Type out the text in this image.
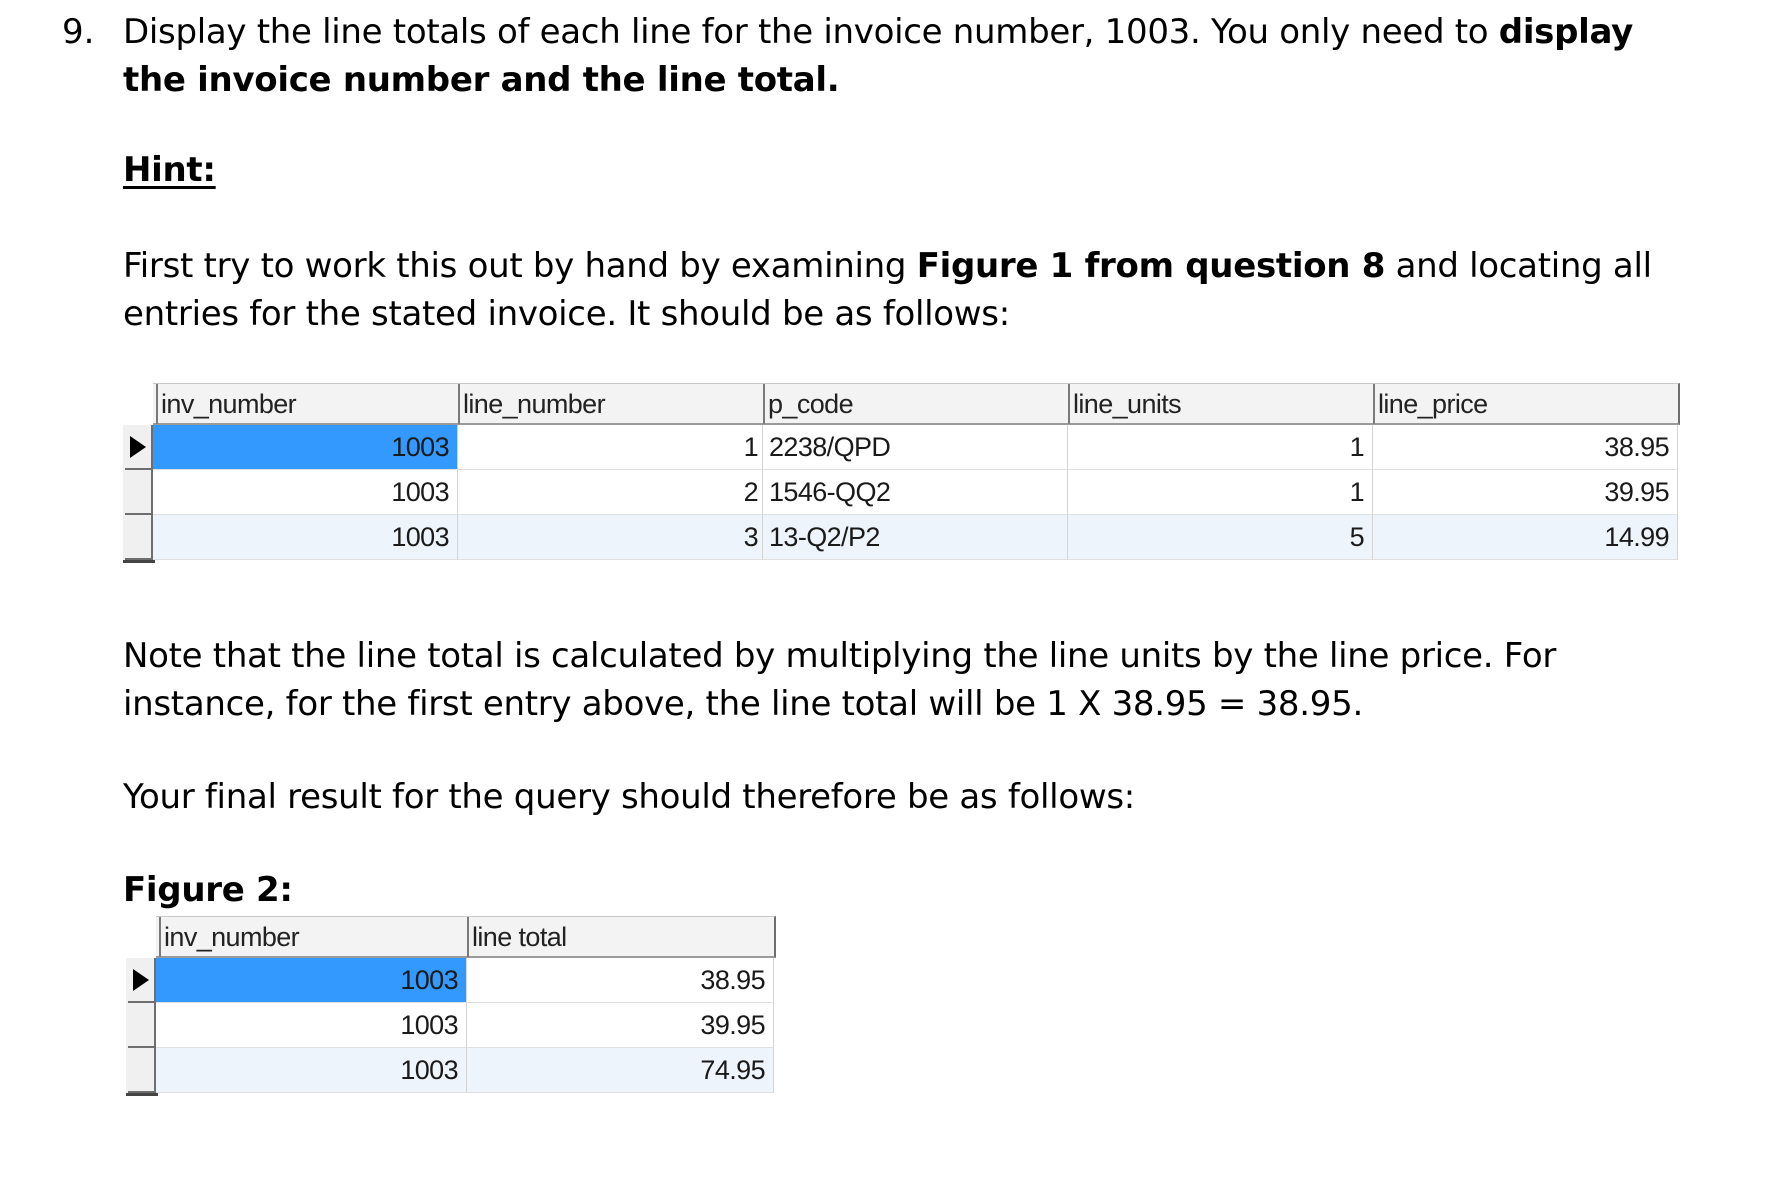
9. Display the line totals of each line for the invoice number, 1003. You only need to display the invoice number and the line total.
Hint:
First try to work this out by hand by examining Figure 1 from question 8 and locating all entries for the stated invoice. It should be as follows:
inv_number	line_number	p_code	line_units	line_price
1003	1 2238/QPD	1	38.95
1003	2 1546-QQ2	1	39.95
1003	3 13-Q2/P2	5	14.99
Note that the line total is calculated by multiplying the line units by the line price. For instance, for the first entry above, the line total will be 1 X 38.95 = 38.95.
Your final result for the query should therefore be as follows:
Figure 2:
inv_number	line total
1003	38.95
1003	39.95
1003	74.95
